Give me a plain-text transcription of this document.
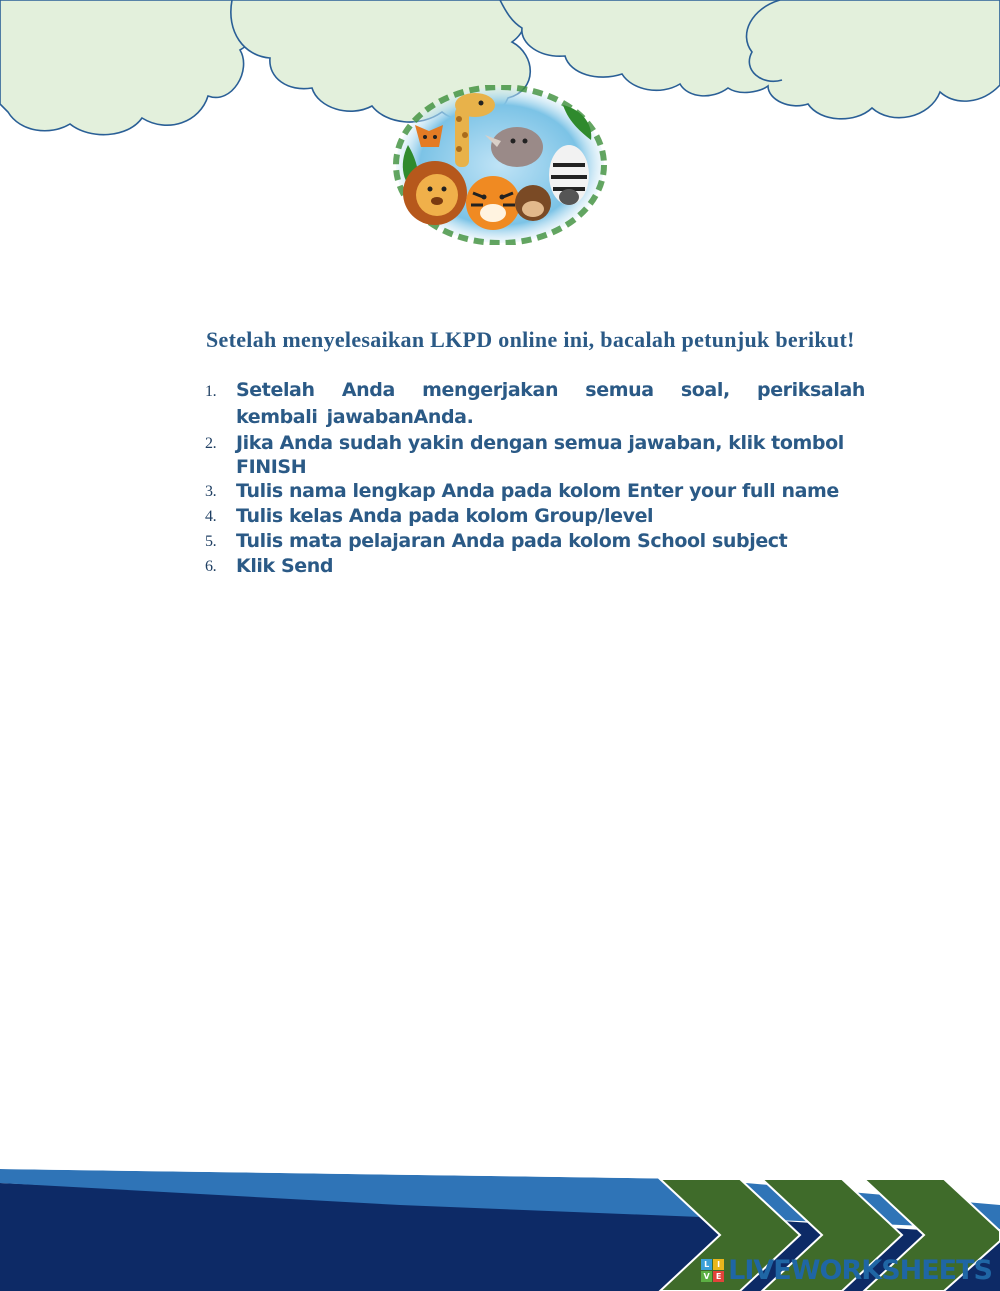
Setelah menyelesaikan LKPD online ini, bacalah petunjuk berikut!
1.	Setelah Anda mengerjakan semua soal, periksalah kembali jawabanAnda.
2.	Jika Anda sudah yakin dengan semua jawaban, klik tombol FINISH
3.	Tulis nama lengkap Anda pada kolom Enter your full name
4.	Tulis kelas Anda pada kolom Group/level
5.	Tulis mata pelajaran Anda pada kolom School subject
6.	Klik Send
L I
V E LIVEWORKSHEETS
